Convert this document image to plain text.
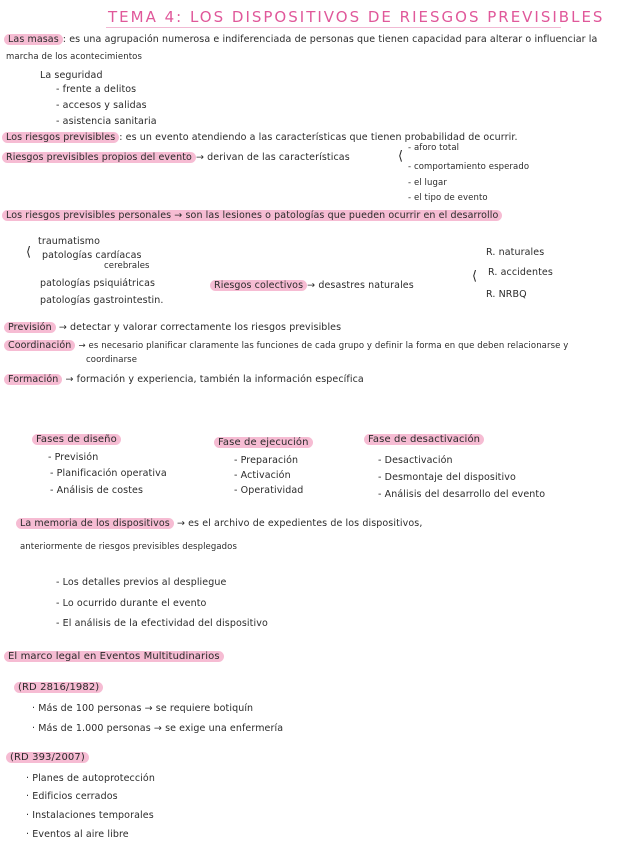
TEMA 4: LOS DISPOSITIVOS DE RIESGOS PREVISIBLES
Las masas : es una agrupación numerosa e indiferenciada de personas que tienen capacidad para alterar o influenciar la
marcha de los acontecimientos
La seguridad
- frente a delitos
- accesos y salidas
- asistencia sanitaria
Los riesgos previsibles : es un evento atendiendo a las características que tienen probabilidad de ocurrir.
Riesgos previsibles propios del evento → derivan de las características	⟨
- aforo total
- comportamiento esperado
- el lugar
- el tipo de evento
Los riesgos previsibles personales → son las lesiones o patologías que pueden ocurrir en el desarrollo
⟨
traumatismo
patologías cardíacas
cerebrales
patologías psiquiátricas
patologías gastrointestin.
Riesgos colectivos → desastres naturales
⟨
R. naturales
R. accidentes
R. NRBQ
Previsión → detectar y valorar correctamente los riesgos previsibles
Coordinación → es necesario planificar claramente las funciones de cada grupo y definir la forma en que deben relacionarse y
coordinarse
Formación → formación y experiencia, también la información específica
Fases de diseño
- Previsión
- Planificación operativa
- Análisis de costes
Fase de ejecución
- Preparación
- Activación
- Operatividad
Fase de desactivación
- Desactivación
- Desmontaje del dispositivo
- Análisis del desarrollo del evento
La memoria de los dispositivos → es el archivo de expedientes de los dispositivos,
anteriormente de riesgos previsibles desplegados
- Los detalles previos al despliegue
- Lo ocurrido durante el evento
- El análisis de la efectividad del dispositivo
El marco legal en Eventos Multitudinarios
(RD 2816/1982)
· Más de 100 personas → se requiere botiquín
· Más de 1.000 personas → se exige una enfermería
(RD 393/2007)
· Planes de autoprotección
· Edificios cerrados
· Instalaciones temporales
· Eventos al aire libre
